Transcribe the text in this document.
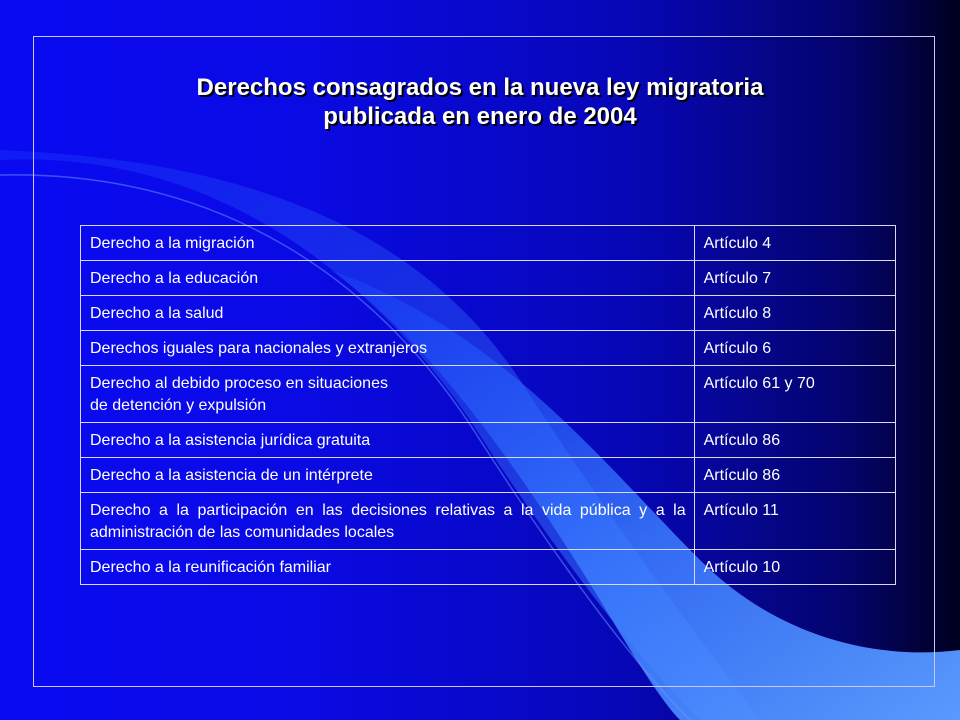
Derechos consagrados en la nueva ley migratoria
publicada en enero de 2004
Derecho a la migración	Artículo 4
Derecho a la educación	Artículo 7
Derecho a la salud	Artículo 8
Derechos iguales para nacionales y extranjeros	Artículo 6
Derecho al debido proceso en situaciones
de detención y expulsión	Artículo 61 y 70
Derecho a la asistencia jurídica gratuita	Artículo 86
Derecho a la asistencia de un intérprete	Artículo 86
Derecho a la participación en las decisiones relativas a la vida pública y a la administración de las comunidades locales	Artículo 11
Derecho a la reunificación familiar	Artículo 10
